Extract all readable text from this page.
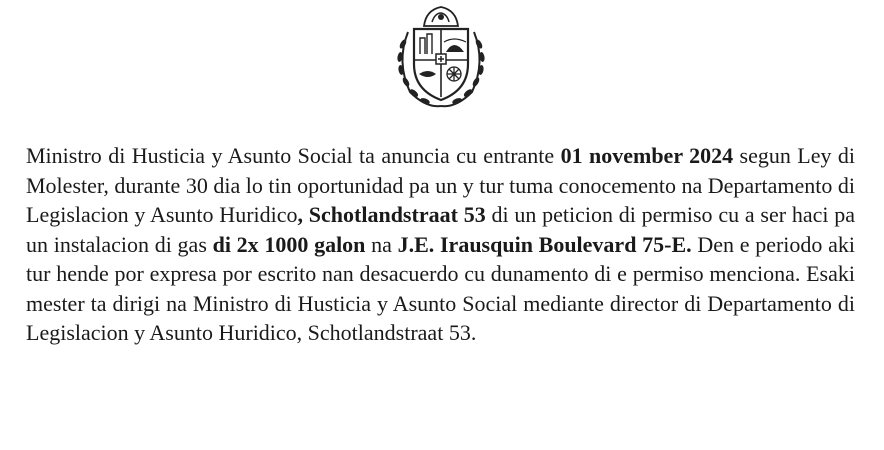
Ministro di Husticia y Asunto Social ta anuncia cu entrante 01 november 2024 segun Ley di Molester, durante 30 dia lo tin oportunidad pa un y tur tuma conocemento na Departamento di Legislacion y Asunto Huridico, Schotlandstraat 53 di un peticion di permiso cu a ser haci pa un instalacion di gas di 2x 1000 galon na J.E. Irausquin Boulevard 75-E. Den e periodo aki tur hende por expresa por escrito nan desacuerdo cu dunamento di e permiso menciona. Esaki mester ta dirigi na Ministro di Husticia y Asunto Social mediante director di Departamento di Legislacion y Asunto Huridico, Schotlandstraat 53.
